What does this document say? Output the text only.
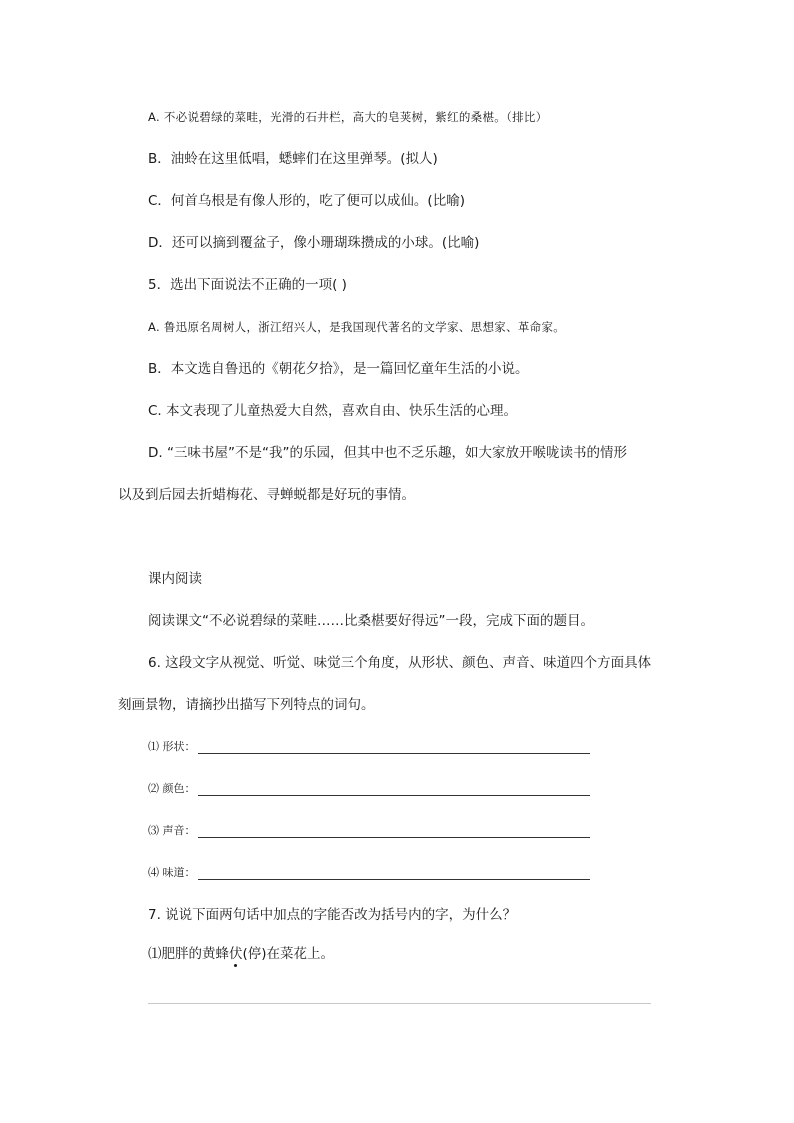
A. 不必说碧绿的菜畦，光滑的石井栏，高大的皂荚树，紫红的桑椹。（排比）
B．油蛉在这里低唱，蟋蟀们在这里弹琴。(拟人)
C．何首乌根是有像人形的，吃了便可以成仙。(比喻)
D．还可以摘到覆盆子，像小珊瑚珠攒成的小球。(比喻)
5．选出下面说法不正确的一项( )
A. 鲁迅原名周树人，浙江绍兴人，是我国现代著名的文学家、思想家、革命家。
B．本文选自鲁迅的《朝花夕拾》，是一篇回忆童年生活的小说。
C. 本文表现了儿童热爱大自然，喜欢自由、快乐生活的心理。
D. “三味书屋”不是“我”的乐园，但其中也不乏乐趣，如大家放开喉咙读书的情形
以及到后园去折蜡梅花、寻蝉蜕都是好玩的事情。
课内阅读
阅读课文“不必说碧绿的菜畦……比桑椹要好得远”一段，完成下面的题目。
6. 这段文字从视觉、听觉、味觉三个角度，从形状、颜色、声音、味道四个方面具体
刻画景物，请摘抄出描写下列特点的词句。
⑴ 形状：
⑵ 颜色：
⑶ 声音：
⑷ 味道：
7. 说说下面两句话中加点的字能否改为括号内的字，为什么？
⑴肥胖的黄蜂伏(停)在菜花上。
